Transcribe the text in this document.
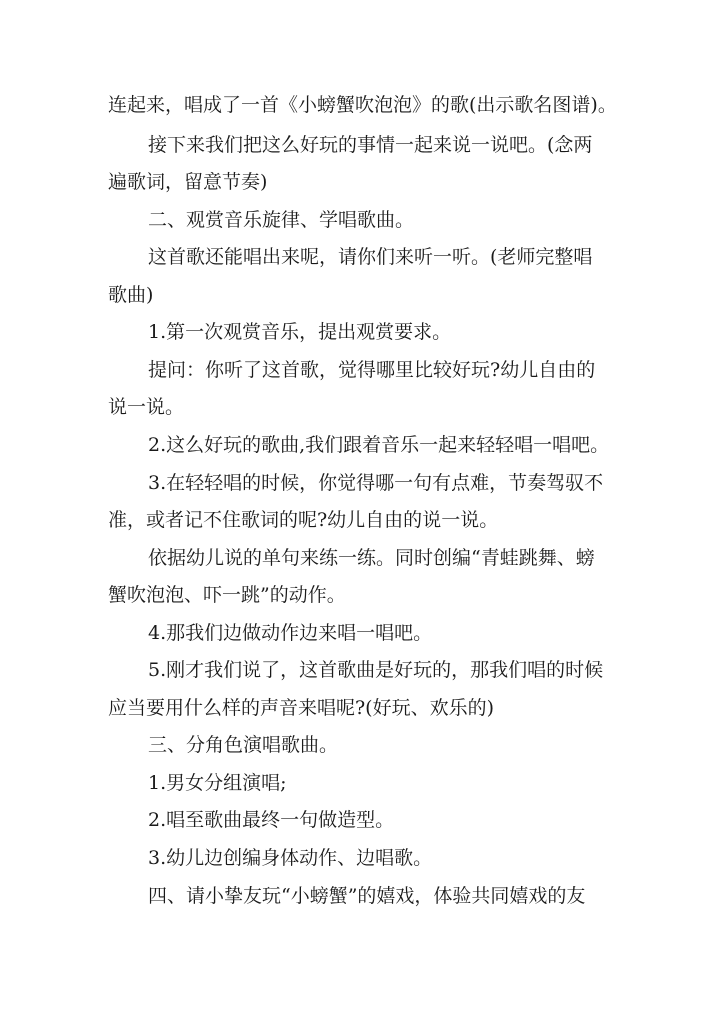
连起来，唱成了一首《小螃蟹吹泡泡》的歌(出示歌名图谱)。
接下来我们把这么好玩的事情一起来说一说吧。(念两
遍歌词，留意节奏)
二、观赏音乐旋律、学唱歌曲。
这首歌还能唱出来呢，请你们来听一听。(老师完整唱
歌曲)
1.第一次观赏音乐，提出观赏要求。
提问：你听了这首歌，觉得哪里比较好玩?幼儿自由的
说一说。
2.这么好玩的歌曲,我们跟着音乐一起来轻轻唱一唱吧。
3.在轻轻唱的时候，你觉得哪一句有点难，节奏驾驭不
准，或者记不住歌词的呢?幼儿自由的说一说。
依据幼儿说的单句来练一练。同时创编“青蛙跳舞、螃
蟹吹泡泡、吓一跳”的动作。
4.那我们边做动作边来唱一唱吧。
5.刚才我们说了，这首歌曲是好玩的，那我们唱的时候
应当要用什么样的声音来唱呢?(好玩、欢乐的)
三、分角色演唱歌曲。
1.男女分组演唱;
2.唱至歌曲最终一句做造型。
3.幼儿边创编身体动作、边唱歌。
四、请小挚友玩“小螃蟹”的嬉戏，体验共同嬉戏的友
